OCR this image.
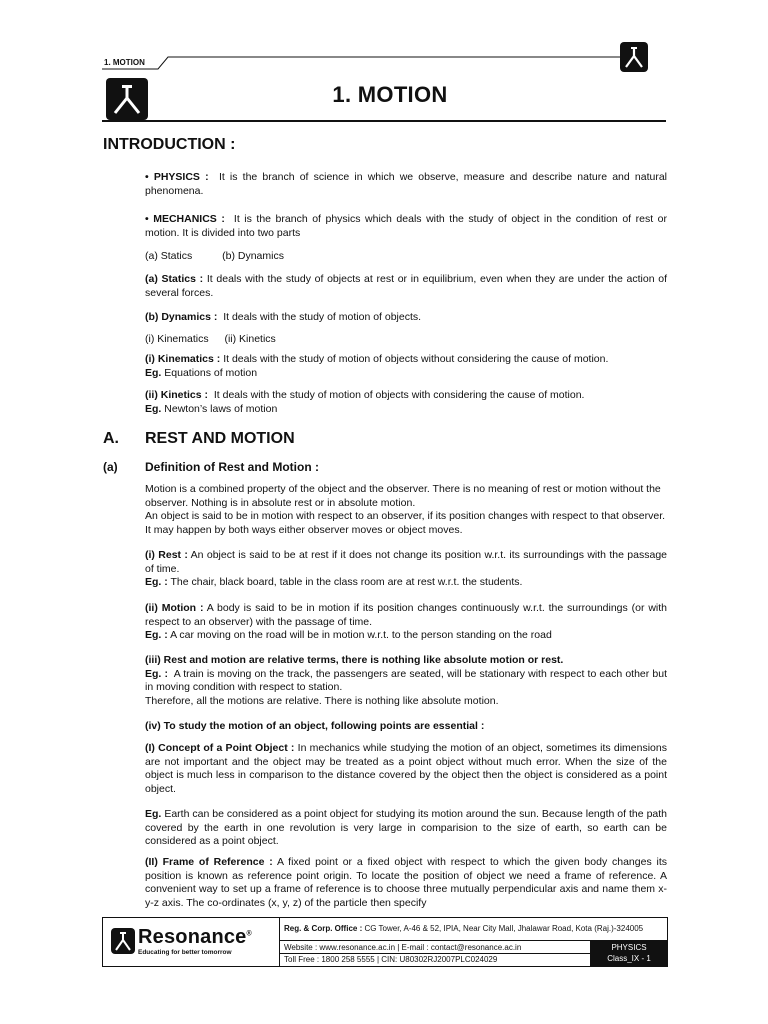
1. MOTION
1. MOTION
INTRODUCTION :
• PHYSICS : It is the branch of science in which we observe, measure and describe nature and natural phenomena.
• MECHANICS : It is the branch of physics which deals with the study of object in the condition of rest or motion. It is divided into two parts
(a) Statics	(b) Dynamics
(a) Statics : It deals with the study of objects at rest or in equilibrium, even when they are under the action of several forces.
(b) Dynamics : It deals with the study of motion of objects.
(i) Kinematics (ii) Kinetics
(i) Kinematics : It deals with the study of motion of objects without considering the cause of motion.
Eg. Equations of motion
(ii) Kinetics : It deals with the study of motion of objects with considering the cause of motion.
Eg. Newton’s laws of motion
A. REST AND MOTION
(a) Definition of Rest and Motion :
Motion is a combined property of the object and the observer. There is no meaning of rest or motion without the observer. Nothing is in absolute rest or in absolute motion.
An object is said to be in motion with respect to an observer, if its position changes with respect to that observer. It may happen by both ways either observer moves or object moves.
(i) Rest : An object is said to be at rest if it does not change its position w.r.t. its surroundings with the passage of time.
Eg. : The chair, black board, table in the class room are at rest w.r.t. the students.
(ii) Motion : A body is said to be in motion if its position changes continuously w.r.t. the surroundings (or with respect to an observer) with the passage of time.
Eg. : A car moving on the road will be in motion w.r.t. to the person standing on the road
(iii) Rest and motion are relative terms, there is nothing like absolute motion or rest.
Eg. : A train is moving on the track, the passengers are seated, will be stationary with respect to each other but in moving condition with respect to station.
Therefore, all the motions are relative. There is nothing like absolute motion.
(iv) To study the motion of an object, following points are essential :
(I) Concept of a Point Object : In mechanics while studying the motion of an object, sometimes its dimensions are not important and the object may be treated as a point object without much error. When the size of the object is much less in comparison to the distance covered by the object then the object is considered as a point object.
Eg. Earth can be considered as a point object for studying its motion around the sun. Because length of the path covered by the earth in one revolution is very large in comparision to the size of earth, so earth can be considered as a point object.
(II) Frame of Reference : A fixed point or a fixed object with respect to which the given body changes its position is known as reference point origin. To locate the position of object we need a frame of reference. A convenient way to set up a frame of reference is to choose three mutually perpendicular axis and name them x-y-z axis. The co-ordinates (x, y, z) of the particle then specify
Resonance®
Educating for better tomorrow
Reg. & Corp. Office : CG Tower, A-46 & 52, IPIA, Near City Mall, Jhalawar Road, Kota (Raj.)-324005
Website : www.resonance.ac.in | E-mail : contact@resonance.ac.in
Toll Free : 1800 258 5555 | CIN: U80302RJ2007PLC024029
PHYSICS
Class_IX - 1
